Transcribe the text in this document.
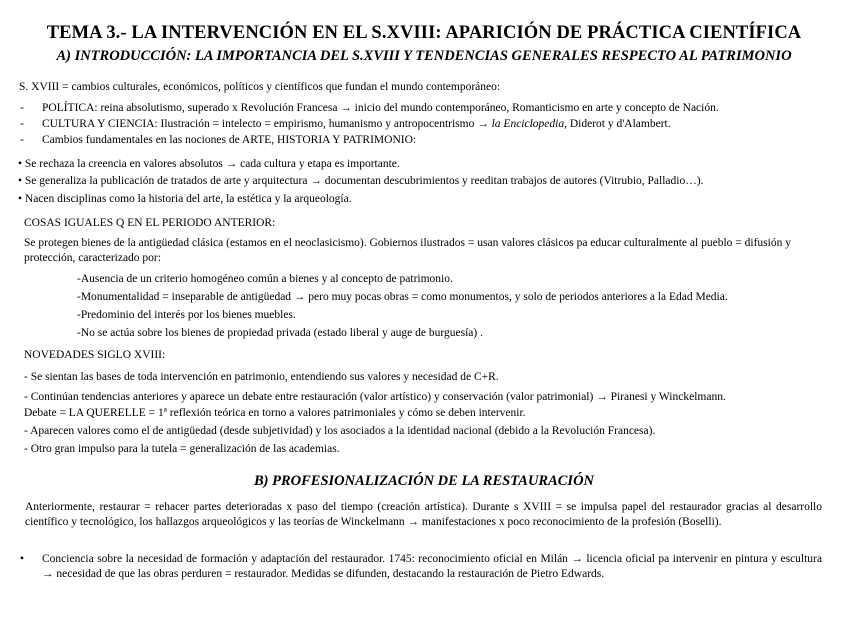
TEMA 3.- LA INTERVENCIÓN EN EL S.XVIII: APARICIÓN DE PRÁCTICA CIENTÍFICA
A) INTRODUCCIÓN: LA IMPORTANCIA DEL S.XVIII Y TENDENCIAS GENERALES RESPECTO AL PATRIMONIO
S. XVIII = cambios culturales, económicos, políticos y científicos que fundan el mundo contemporáneo:
- POLÍTICA: reina absolutismo, superado x Revolución Francesa → inicio del mundo contemporáneo, Romanticismo en arte y concepto de Nación.
- CULTURA Y CIENCIA: Ilustración = intelecto = empirismo, humanismo y antropocentrismo → la Enciclopedia, Diderot y d'Alambert.
- Cambios fundamentales en las nociones de ARTE, HISTORIA Y PATRIMONIO:
• Se rechaza la creencia en valores absolutos → cada cultura y etapa es importante.
• Se generaliza la publicación de tratados de arte y arquitectura → documentan descubrimientos y reeditan trabajos de autores (Vitrubio, Palladio…).
• Nacen disciplinas como la historia del arte, la estética y la arqueología.
COSAS IGUALES Q EN EL PERIODO ANTERIOR:
Se protegen bienes de la antigüedad clásica (estamos en el neoclasicismo). Gobiernos ilustrados = usan valores clásicos pa educar culturalmente al pueblo = difusión y protección, caracterizado por:
-Ausencia de un criterio homogéneo común a bienes y al concepto de patrimonio.
-Monumentalidad = inseparable de antigüedad → pero muy pocas obras = como monumentos, y solo de periodos anteriores a la Edad Media.
-Predominio del interés por los bienes muebles.
-No se actúa sobre los bienes de propiedad privada (estado liberal y auge de burguesía) .
NOVEDADES SIGLO XVIII:
- Se sientan las bases de toda intervención en patrimonio, entendiendo sus valores y necesidad de C+R.
- Continúan tendencias anteriores y aparece un debate entre restauración (valor artístico) y conservación (valor patrimonial) → Piranesi y Winckelmann.
Debate = LA QUERELLE = 1ª reflexión teórica en torno a valores patrimoniales y cómo se deben intervenir.
- Aparecen valores como el de antigüedad (desde subjetividad) y los asociados a la identidad nacional (debido a la Revolución Francesa).
- Otro gran impulso para la tutela = generalización de las academias.
B) PROFESIONALIZACIÓN DE LA RESTAURACIÓN
Anteriormente, restaurar = rehacer partes deterioradas x paso del tiempo (creación artística). Durante s XVIII = se impulsa papel del restaurador gracias al desarrollo científico y tecnológico, los hallazgos arqueológicos y las teorías de Winckelmann → manifestaciones x poco reconocimiento de la profesión (Boselli).
• Conciencia sobre la necesidad de formación y adaptación del restaurador. 1745: reconocimiento oficial en Milán → licencia oficial pa intervenir en pintura y escultura → necesidad de que las obras perduren = restaurador. Medidas se difunden, destacando la restauración de Pietro Edwards.
